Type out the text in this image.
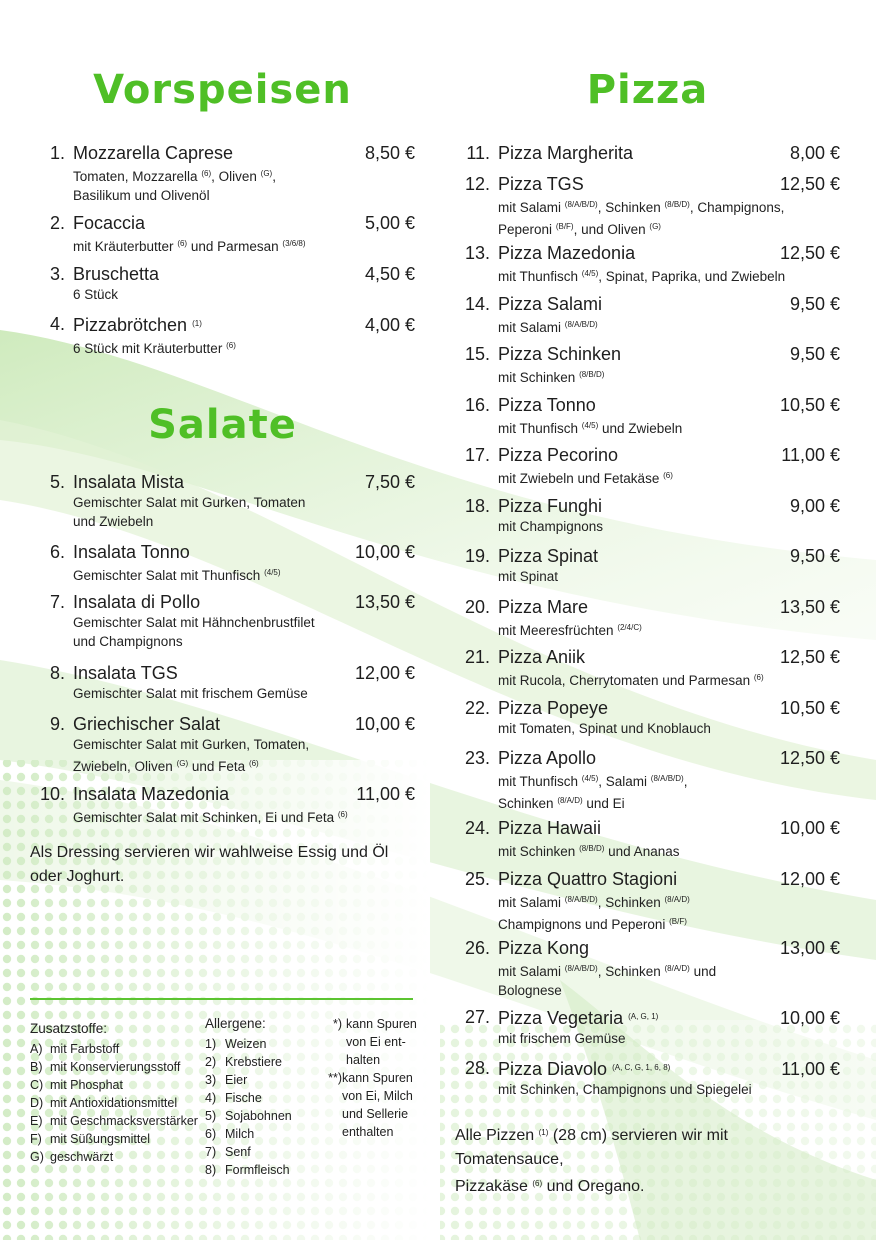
Vorspeisen
1. Mozzarella Caprese	8,50 €
Tomaten, Mozzarella $^{(6)}$, Oliven $^{(G)}$,
Basilikum und Olivenöl
2. Focaccia	5,00 €
mit Kräuterbutter $^{(6)}$ und Parmesan $^{(3/6/8)}$
3. Bruschetta	4,50 €
6 Stück
4. Pizzabrötchen $^{(1)}$	4,00 €
6 Stück mit Kräuterbutter $^{(6)}$
Salate
5. Insalata Mista	7,50 €
Gemischter Salat mit Gurken, Tomaten und Zwiebeln
6. Insalata Tonno	10,00 €
Gemischter Salat mit Thunfisch $^{(4/5)}$
7. Insalata di Pollo	13,50 €
Gemischter Salat mit Hähnchenbrustfilet und Champignons
8. Insalata TGS	12,00 €
Gemischter Salat mit frischem Gemüse
9. Griechischer Salat	10,00 €
Gemischter Salat mit Gurken, Tomaten,
Zwiebeln, Oliven $^{(G)}$ und Feta $^{(6)}$
10. Insalata Mazedonia	11,00 €
Gemischter Salat mit Schinken, Ei und Feta $^{(6)}$
Als Dressing servieren wir wahlweise Essig und Öl oder Joghurt.
Zusatzstoffe:
A) mit Farbstoff
B) mit Konservierungsstoff
C) mit Phosphat
D) mit Antioxidationsmittel
E) mit Geschmacksverstärker
F) mit Süßungsmittel
G) geschwärzt
Allergene:
1) Weizen
2) Krebstiere
3) Eier
4) Fische
5) Sojabohnen
6) Milch
7) Senf
8) Formfleisch
*) kann Spuren
von Ei ent-
halten
**) kann Spuren
von Ei, Milch
und Sellerie
enthalten
Pizza
11. Pizza Margherita	8,00 €
12. Pizza TGS	12,50 €
mit Salami $^{(8/A/B/D)}$, Schinken $^{(8/B/D)}$, Champignons,
Peperoni $^{(B/F)}$, und Oliven $^{(G)}$
13. Pizza Mazedonia	12,50 €
mit Thunfisch $^{(4/5)}$, Spinat, Paprika, und Zwiebeln
14. Pizza Salami	9,50 €
mit Salami $^{(8/A/B/D)}$
15. Pizza Schinken	9,50 €
mit Schinken $^{(8/B/D)}$
16. Pizza Tonno	10,50 €
mit Thunfisch $^{(4/5)}$ und Zwiebeln
17. Pizza Pecorino	11,00 €
mit Zwiebeln und Fetakäse $^{(6)}$
18. Pizza Funghi	9,00 €
mit Champignons
19. Pizza Spinat	9,50 €
mit Spinat
20. Pizza Mare	13,50 €
mit Meeresfrüchten $^{(2/4/C)}$
21. Pizza Aniik	12,50 €
mit Rucola, Cherrytomaten und Parmesan $^{(6)}$
22. Pizza Popeye	10,50 €
mit Tomaten, Spinat und Knoblauch
23. Pizza Apollo	12,50 €
mit Thunfisch $^{(4/5)}$, Salami $^{(8/A/B/D)}$,
Schinken $^{(8/A/D)}$ und Ei
24. Pizza Hawaii	10,00 €
mit Schinken $^{(8/B/D)}$ und Ananas
25. Pizza Quattro Stagioni	12,00 €
mit Salami $^{(8/A/B/D)}$, Schinken $^{(8/A/D)}$
Champignons und Peperoni $^{(B/F)}$
26. Pizza Kong	13,00 €
mit Salami $^{(8/A/B/D)}$, Schinken $^{(8/A/D)}$ und
Bolognese
27. Pizza Vegetaria $^{(A, G, 1)}$	10,00 €
mit frischem Gemüse
28. Pizza Diavolo $^{(A, C, G, 1, 6, 8)}$	11,00 €
mit Schinken, Champignons und Spiegelei
Alle Pizzen $^{(1)}$ (28 cm) servieren wir mit Tomatensauce,
Pizzakäse $^{(6)}$ und Oregano.
